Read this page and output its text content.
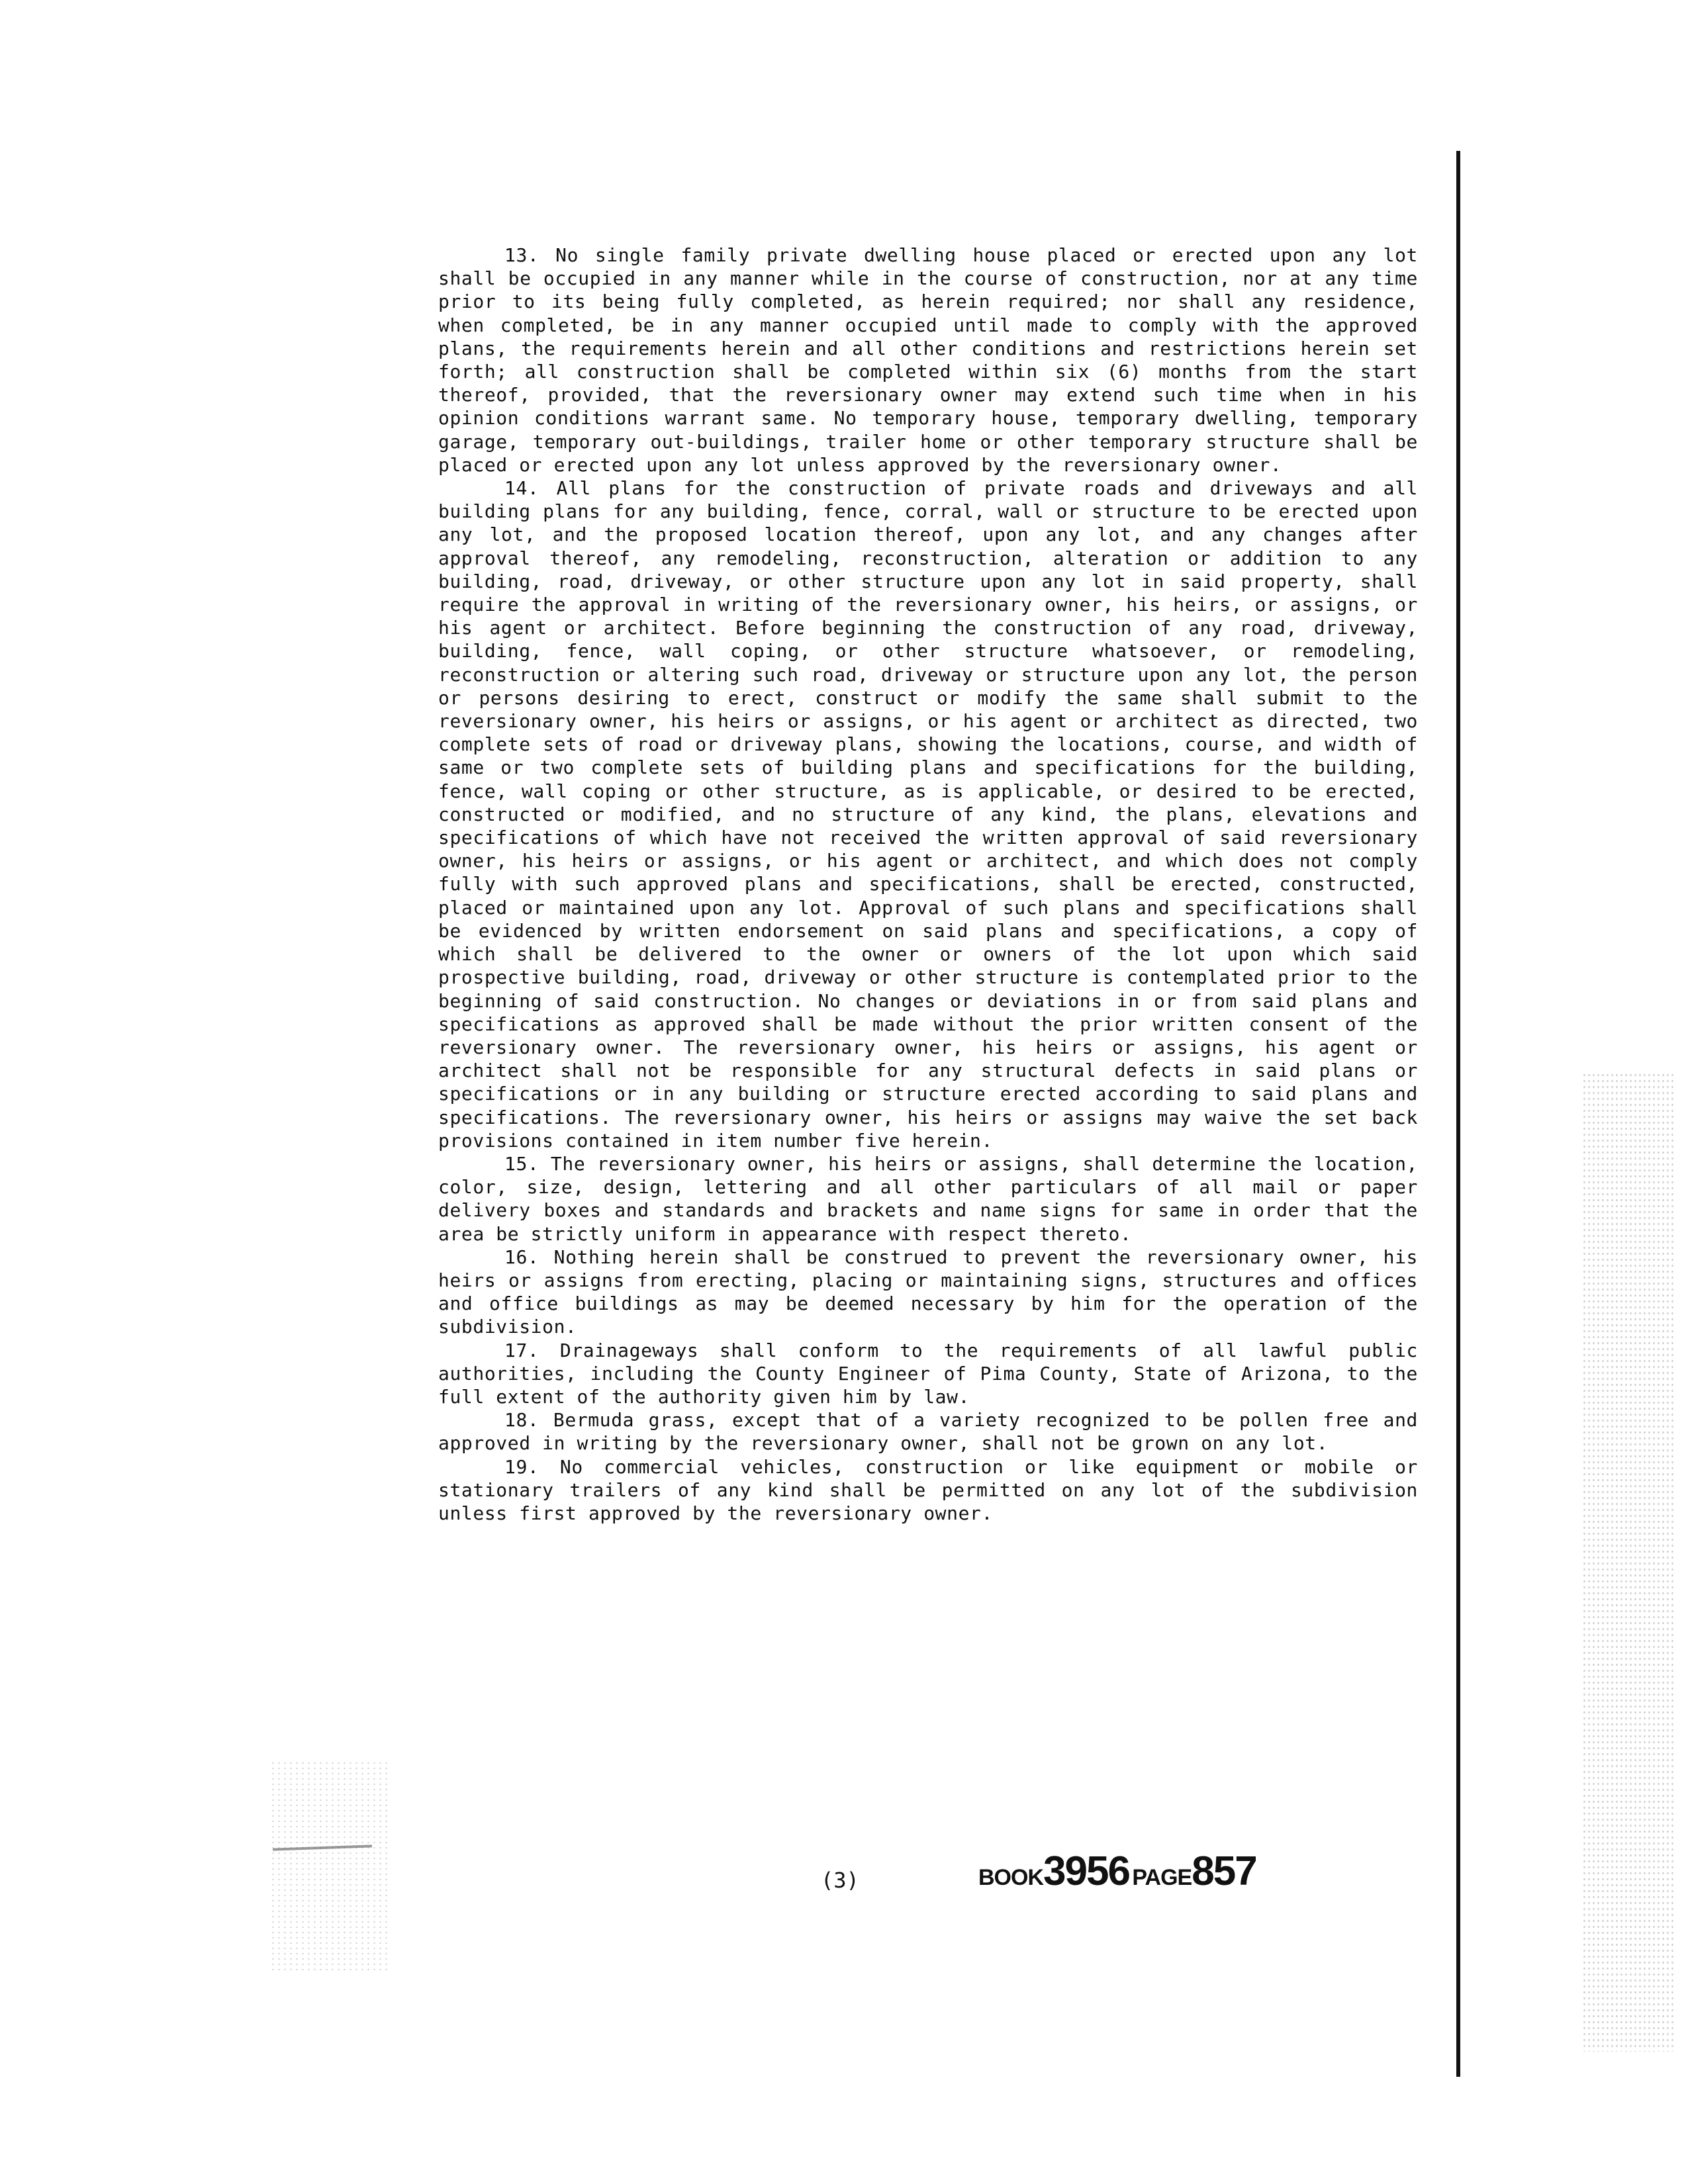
13. No single family private dwelling house placed or erected upon any lot shall be occupied in any manner while in the course of construction, nor at any time prior to its being fully completed, as herein required; nor shall any residence, when completed, be in any manner occupied until made to comply with the approved plans, the requirements herein and all other conditions and restrictions herein set forth; all construction shall be completed within six (6) months from the start thereof, provided, that the reversionary owner may extend such time when in his opinion conditions warrant same. No temporary house, temporary dwelling, temporary garage, temporary out-buildings, trailer home or other temporary structure shall be placed or erected upon any lot unless approved by the reversionary owner.

14. All plans for the construction of private roads and driveways and all building plans for any building, fence, corral, wall or structure to be erected upon any lot, and the proposed location thereof, upon any lot, and any changes after approval thereof, any remodeling, reconstruction, alteration or addition to any building, road, driveway, or other structure upon any lot in said property, shall require the approval in writing of the reversionary owner, his heirs, or assigns, or his agent or architect. Before beginning the construction of any road, driveway, building, fence, wall coping, or other structure whatsoever, or remodeling, reconstruction or altering such road, driveway or structure upon any lot, the person or persons desiring to erect, construct or modify the same shall submit to the reversionary owner, his heirs or assigns, or his agent or architect as directed, two complete sets of road or driveway plans, showing the locations, course, and width of same or two complete sets of building plans and specifications for the building, fence, wall coping or other structure, as is applicable, or desired to be erected, constructed or modified, and no structure of any kind, the plans, elevations and specifications of which have not received the written approval of said reversionary owner, his heirs or assigns, or his agent or architect, and which does not comply fully with such approved plans and specifications, shall be erected, constructed, placed or maintained upon any lot. Approval of such plans and specifications shall be evidenced by written endorsement on said plans and specifications, a copy of which shall be delivered to the owner or owners of the lot upon which said prospective building, road, driveway or other structure is contemplated prior to the beginning of said construction. No changes or deviations in or from said plans and specifications as approved shall be made without the prior written consent of the reversionary owner. The reversionary owner, his heirs or assigns, his agent or architect shall not be responsible for any structural defects in said plans or specifications or in any building or structure erected according to said plans and specifications. The reversionary owner, his heirs or assigns may waive the set back provisions contained in item number five herein.

15. The reversionary owner, his heirs or assigns, shall determine the location, color, size, design, lettering and all other particulars of all mail or paper delivery boxes and standards and brackets and name signs for same in order that the area be strictly uniform in appearance with respect thereto.

16. Nothing herein shall be construed to prevent the reversionary owner, his heirs or assigns from erecting, placing or maintaining signs, structures and offices and office buildings as may be deemed necessary by him for the operation of the subdivision.

17. Drainageways shall conform to the requirements of all lawful public authorities, including the County Engineer of Pima County, State of Arizona, to the full extent of the authority given him by law.

18. Bermuda grass, except that of a variety recognized to be pollen free and approved in writing by the reversionary owner, shall not be grown on any lot.

19. No commercial vehicles, construction or like equipment or mobile or stationary trailers of any kind shall be permitted on any lot of the subdivision unless first approved by the reversionary owner.

(3)	BOOK3956 PAGE857
